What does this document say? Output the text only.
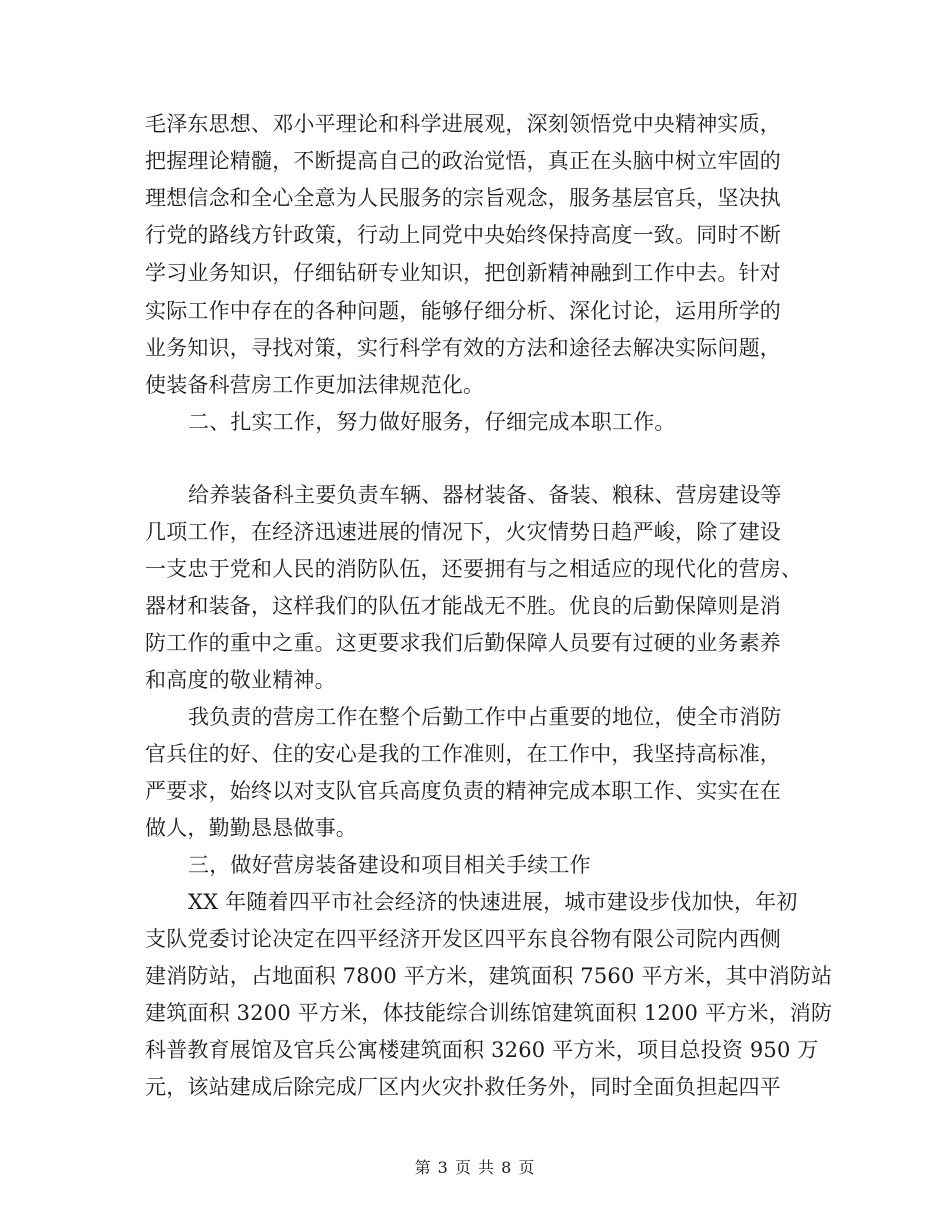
毛泽东思想、邓小平理论和科学进展观，深刻领悟党中央精神实质，
把握理论精髓，不断提高自己的政治觉悟，真正在头脑中树立牢固的
理想信念和全心全意为人民服务的宗旨观念，服务基层官兵，坚决执
行党的路线方针政策，行动上同党中央始终保持高度一致。同时不断
学习业务知识，仔细钻研专业知识，把创新精神融到工作中去。针对
实际工作中存在的各种问题，能够仔细分析、深化讨论，运用所学的
业务知识，寻找对策，实行科学有效的方法和途径去解决实际问题，
使装备科营房工作更加法律规范化。
二、扎实工作，努力做好服务，仔细完成本职工作。
给养装备科主要负责车辆、器材装备、备装、粮秣、营房建设等
几项工作，在经济迅速进展的情况下，火灾情势日趋严峻，除了建设
一支忠于党和人民的消防队伍，还要拥有与之相适应的现代化的营房、
器材和装备，这样我们的队伍才能战无不胜。优良的后勤保障则是消
防工作的重中之重。这更要求我们后勤保障人员要有过硬的业务素养
和高度的敬业精神。
我负责的营房工作在整个后勤工作中占重要的地位，使全市消防
官兵住的好、住的安心是我的工作准则，在工作中，我坚持高标准，
严要求，始终以对支队官兵高度负责的精神完成本职工作、实实在在
做人，勤勤恳恳做事。
三，做好营房装备建设和项目相关手续工作
XX 年随着四平市社会经济的快速进展，城市建设步伐加快，年初
支队党委讨论决定在四平经济开发区四平东良谷物有限公司院内西侧
建消防站，占地面积 7800 平方米，建筑面积 7560 平方米，其中消防站
建筑面积 3200 平方米，体技能综合训练馆建筑面积 1200 平方米，消防
科普教育展馆及官兵公寓楼建筑面积 3260 平方米，项目总投资 950 万
元，该站建成后除完成厂区内火灾扑救任务外，同时全面负担起四平
第 3 页 共 8 页
